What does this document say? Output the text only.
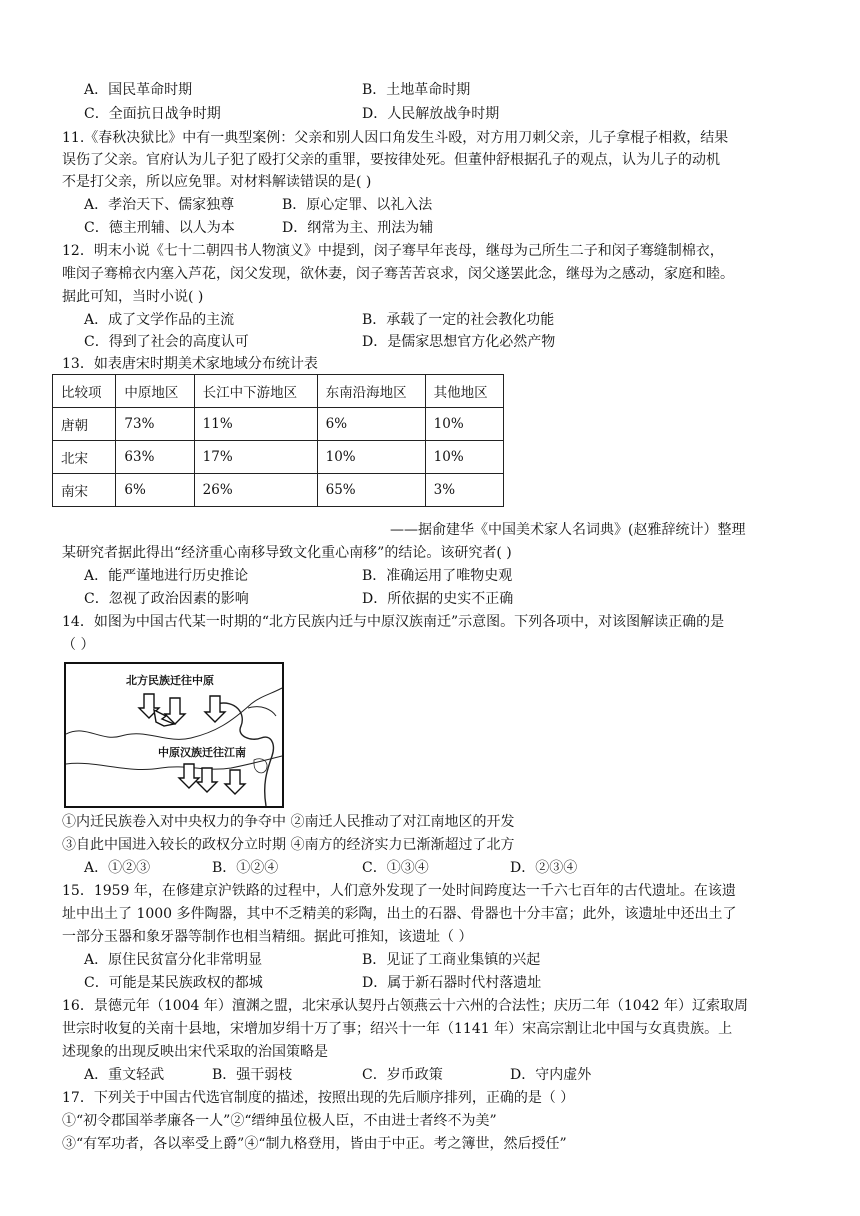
A．国民革命时期	B．土地革命时期
C．全面抗日战争时期	D．人民解放战争时期
11.《春秋决狱比》中有一典型案例：父亲和别人因口角发生斗殴，对方用刀刺父亲，儿子拿棍子相救，结果
误伤了父亲。官府认为儿子犯了殴打父亲的重罪，要按律处死。但董仲舒根据孔子的观点，认为儿子的动机
不是打父亲，所以应免罪。对材料解读错误的是( )
A．孝治天下、儒家独尊	B．原心定罪、以礼入法
C．德主刑辅、以人为本	D．纲常为主、刑法为辅
12．明末小说《七十二朝四书人物演义》中提到，闵子骞早年丧母，继母为己所生二子和闵子骞缝制棉衣，
唯闵子骞棉衣内塞入芦花，闵父发现，欲休妻，闵子骞苦苦哀求，闵父遂罢此念，继母为之感动，家庭和睦。
据此可知，当时小说( )
A．成了文学作品的主流	B．承载了一定的社会教化功能
C．得到了社会的高度认可	D．是儒家思想官方化必然产物
13．如表唐宋时期美术家地域分布统计表
比较项	中原地区	长江中下游地区	东南沿海地区	其他地区
唐朝	73%	11%	6%	10%
北宋	63%	17%	10%	10%
南宋	6%	26%	65%	3%
——据俞建华《中国美术家人名词典》(赵雅辞统计）整理
某研究者据此得出“经济重心南移导致文化重心南移”的结论。该研究者( )
A．能严谨地进行历史推论	B．准确运用了唯物史观
C．忽视了政治因素的影响	D．所依据的史实不正确
14．如图为中国古代某一时期的“北方民族内迁与中原汉族南迁”示意图。下列各项中，对该图解读正确的是
（ ）
北方民族迁往中原
中原汉族迁往江南
①内迁民族卷入对中央权力的争夺中 ②南迁人民推动了对江南地区的开发
③自此中国进入较长的政权分立时期 ④南方的经济实力已渐渐超过了北方
A．①②③	B．①②④	C．①③④	D．②③④
15．1959 年，在修建京沪铁路的过程中，人们意外发现了一处时间跨度达一千六七百年的古代遗址。在该遗
址中出土了 1000 多件陶器，其中不乏精美的彩陶，出土的石器、骨器也十分丰富；此外，该遗址中还出土了
一部分玉器和象牙器等制作也相当精细。据此可推知，该遗址（ ）
A．原住民贫富分化非常明显	B．见证了工商业集镇的兴起
C．可能是某民族政权的都城	D．属于新石器时代村落遗址
16．景德元年（1004 年）澶渊之盟，北宋承认契丹占领燕云十六州的合法性；庆历二年（1042 年）辽索取周
世宗时收复的关南十县地，宋增加岁绢十万了事；绍兴十一年（1141 年）宋高宗割让北中国与女真贵族。上
述现象的出现反映出宋代采取的治国策略是
A．重文轻武	B．强干弱枝	C．岁币政策	D．守内虚外
17．下列关于中国古代选官制度的描述，按照出现的先后顺序排列，正确的是（ ）
①“初令郡国举孝廉各一人”②“缙绅虽位极人臣，不由进士者终不为美”
③“有军功者，各以率受上爵”④“制九格登用，皆由于中正。考之簿世，然后授任”
